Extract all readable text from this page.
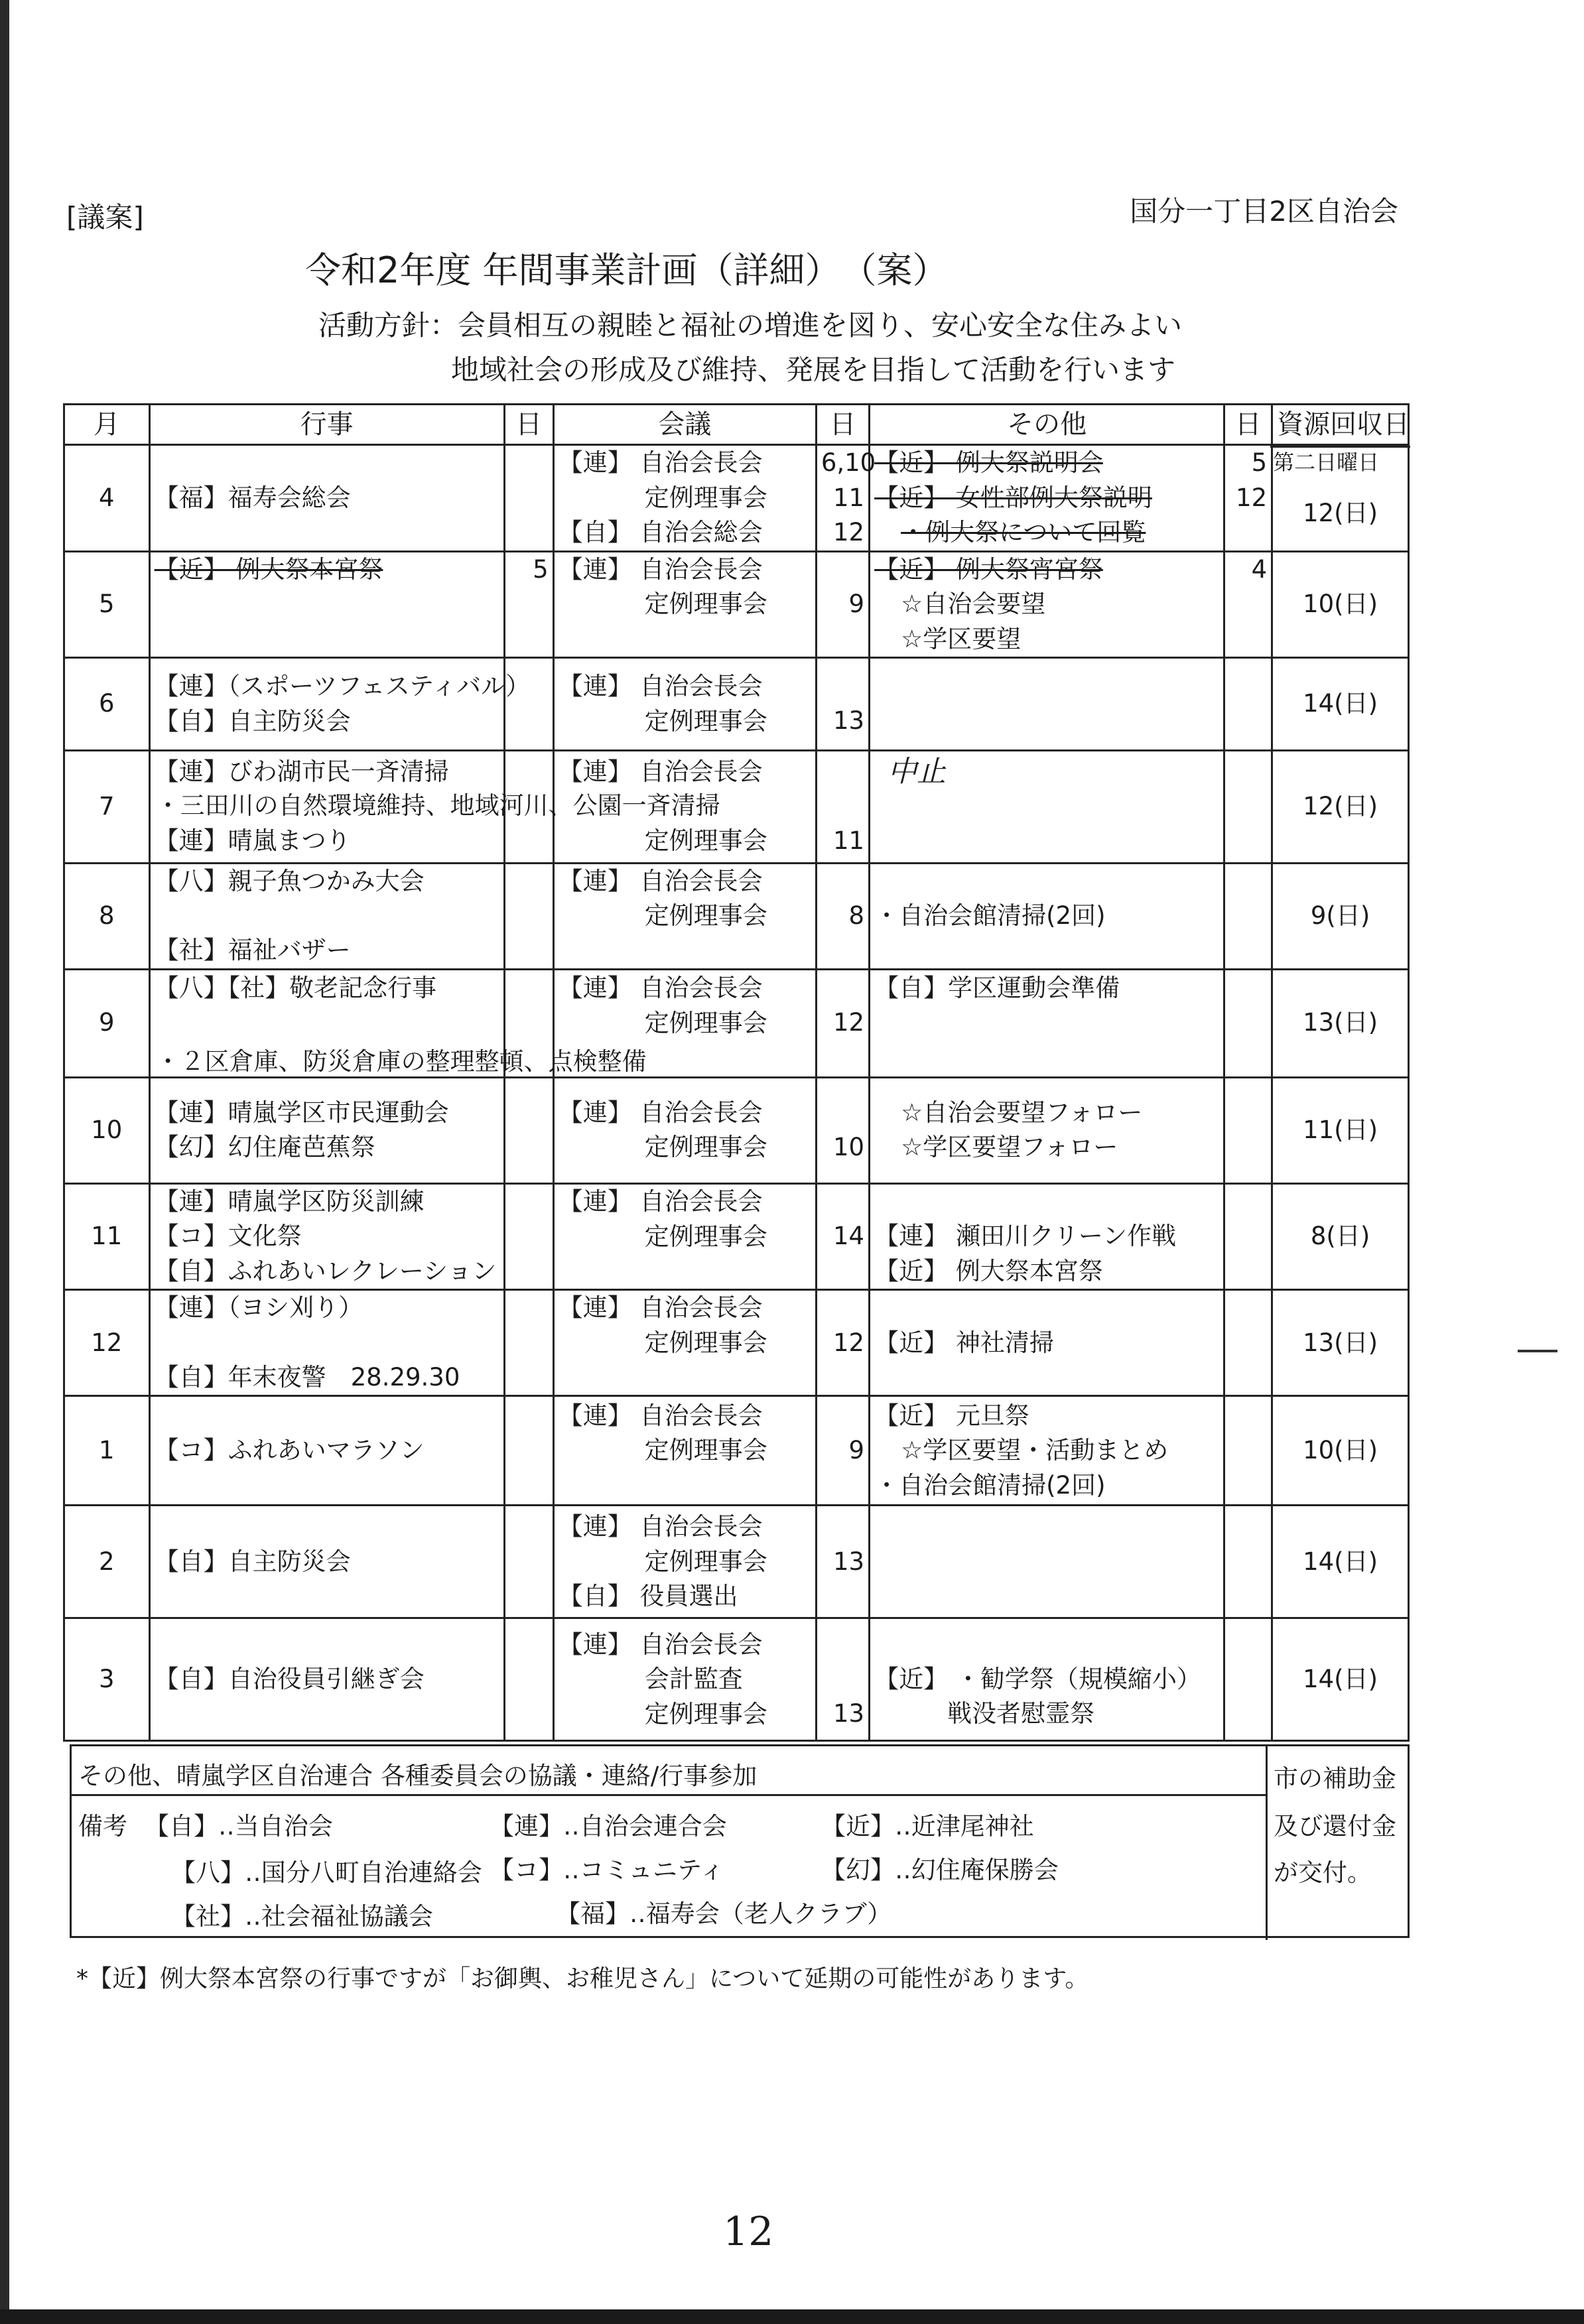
[議案]	国分一丁目2区自治会
令和2年度 年間事業計画（詳細）　（案）
活動方針：会員相互の親睦と福祉の増進を図り、安心安全な住みよい
地域社会の形成及び維持、発展を目指して活動を行います
月	行事	日	会議	日	その他	日	資源回収日
4	【福】福寿会総会		【連】 自治会長会
定例理事会
【自】 自治会総会	6,10
11
12	【近】 例大祭説明会
【近】 女性部例大祭説明
・例大祭について回覧	5
12	第二日曜日
12(日)

5	【近】 例大祭本宮祭	5	【連】 自治会長会
定例理事会	9	【近】 例大祭宵宮祭
☆自治会要望
☆学区要望	4	10(日)
6	【連】（スポーツフェスティバル）
【自】自主防災会		【連】 自治会長会
定例理事会	13			14(日)
7	【連】びわ湖市民一斉清掃
【連】晴嵐まつり
・三田川の自然環境維持、地域河川、公園一斉清掃		【連】 自治会長会
定例理事会	11	中止		12(日)
8	【八】親子魚つかみ大会
【社】福祉バザー		【連】 自治会長会
定例理事会	8	・自治会館清掃(2回)		9(日)
9	【八】【社】敬老記念行事
・２区倉庫、防災倉庫の整理整頓、点検整備		【連】 自治会長会
定例理事会	12	【自】学区運動会準備		13(日)
10	【連】晴嵐学区市民運動会
【幻】幻住庵芭蕉祭		【連】 自治会長会
定例理事会	10	☆自治会要望フォロー
☆学区要望フォロー		11(日)
11	【連】晴嵐学区防災訓練
【コ】文化祭
【自】ふれあいレクレーション		【連】 自治会長会
定例理事会	14	【連】 瀬田川クリーン作戦
【近】 例大祭本宮祭		8(日)
12	【連】（ヨシ刈り）
【自】年末夜警　28.29.30		【連】 自治会長会
定例理事会	12	【近】 神社清掃		13(日)
1	【コ】ふれあいマラソン		【連】 自治会長会
定例理事会	9	【近】 元旦祭
☆学区要望・活動まとめ
・自治会館清掃(2回)		10(日)
2	【自】自主防災会		【連】 自治会長会
定例理事会
【自】 役員選出	13			14(日)
3	【自】自治役員引継ぎ会		【連】 自治会長会
会計監査
定例理事会	13	【近】 ・勧学祭（規模縮小）
戦没者慰霊祭		14(日)
その他、晴嵐学区自治連合 各種委員会の協議・連絡/行事参加
備考 【自】‥当自治会	【連】‥自治会連合会	【近】‥近津尾神社
【八】‥国分八町自治連絡会 【コ】‥コミュニティ	【幻】‥幻住庵保勝会
【社】‥社会福祉協議会	【福】‥福寿会（老人クラブ）
市の補助金
及び還付金
が交付。
*【近】例大祭本宮祭の行事ですが「お御輿、お稚児さん」について延期の可能性があります。
12
